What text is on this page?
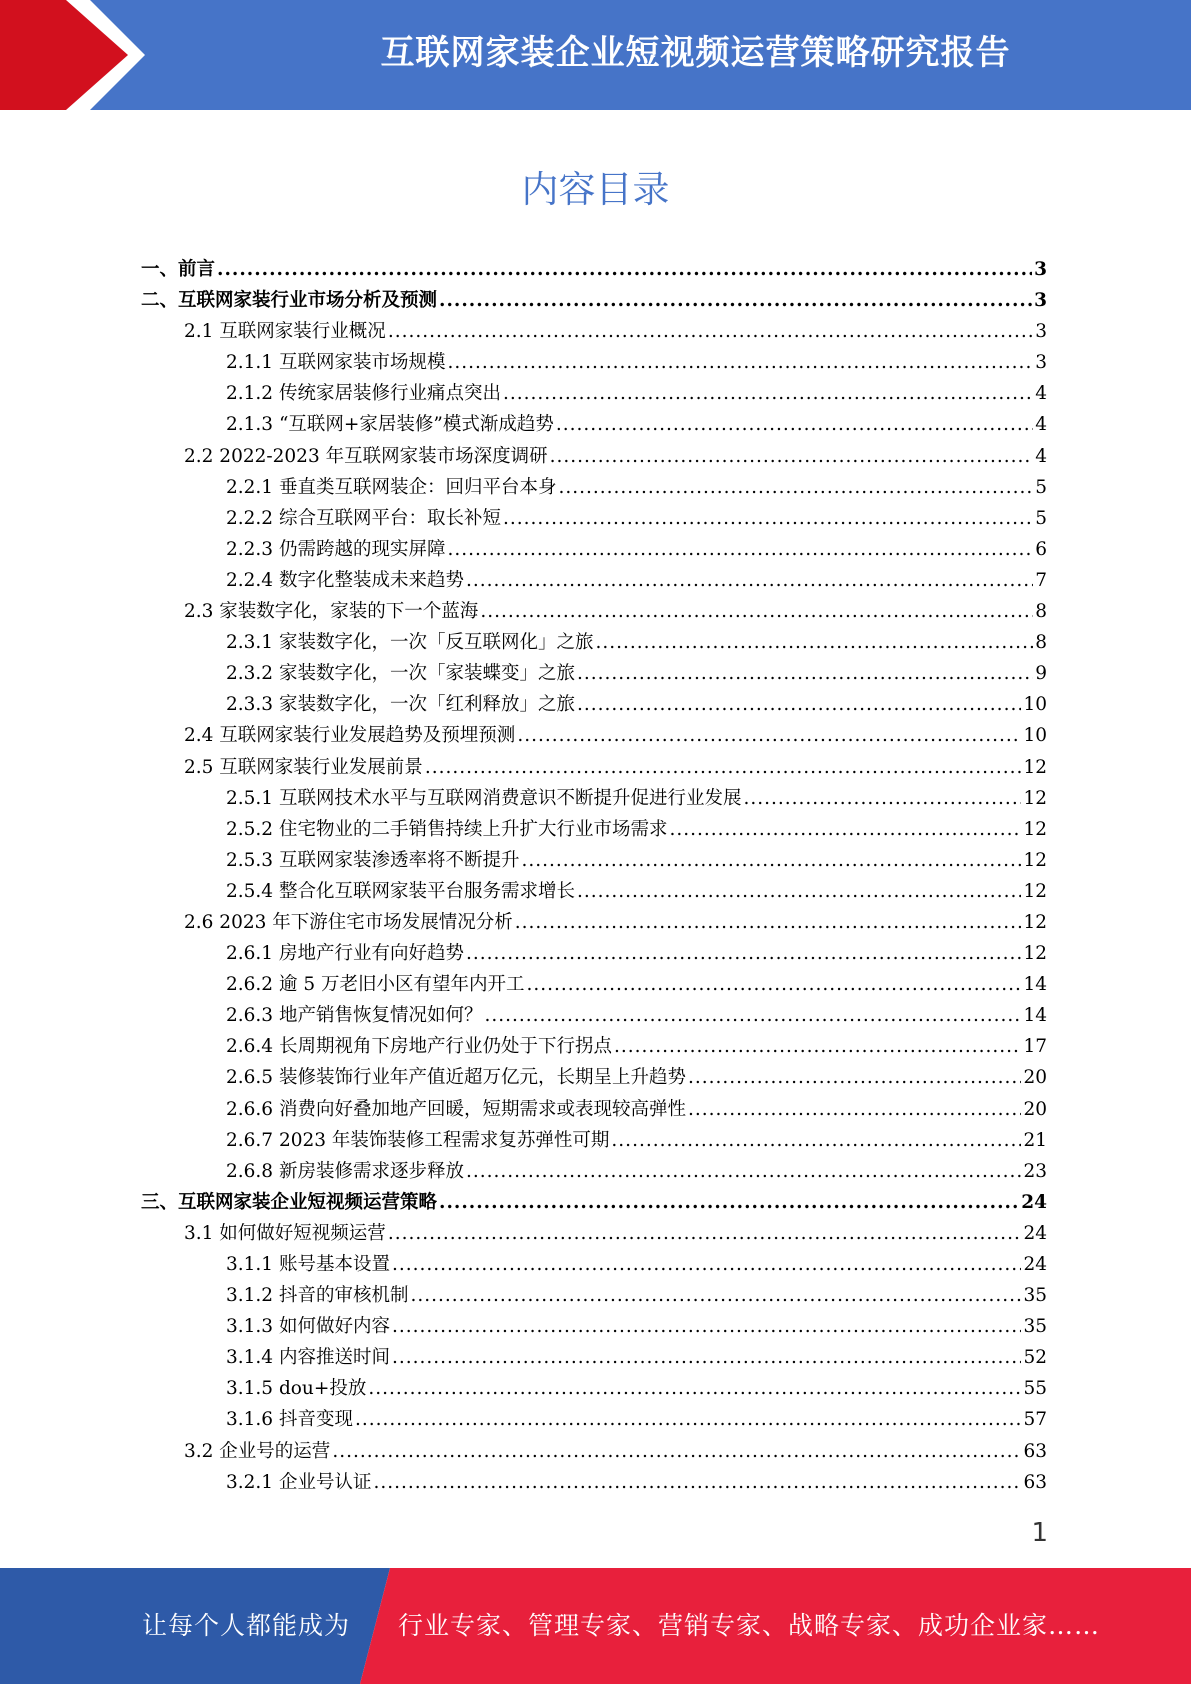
互联网家装企业短视频运营策略研究报告
内容目录
一、前言 .....	3
二、互联网家装行业市场分析及预测 .....	3
2.1 互联网家装行业概况 .....	3
2.1.1 互联网家装市场规模 .....	3
2.1.2 传统家居装修行业痛点突出 .....	4
2.1.3 “互联网+家居装修”模式渐成趋势 .....	4
2.2 2022-2023 年互联网家装市场深度调研 .....	4
2.2.1 垂直类互联网装企：回归平台本身 .....	5
2.2.2 综合互联网平台：取长补短 .....	5
2.2.3 仍需跨越的现实屏障 .....	6
2.2.4 数字化整装成未来趋势 .....	7
2.3 家装数字化，家装的下一个蓝海 .....	8
2.3.1 家装数字化，一次「反互联网化」之旅 .....	8
2.3.2 家装数字化，一次「家装蝶变」之旅 .....	9
2.3.3 家装数字化，一次「红利释放」之旅 .....	10
2.4 互联网家装行业发展趋势及预埋预测 .....	10
2.5 互联网家装行业发展前景 .....	12
2.5.1 互联网技术水平与互联网消费意识不断提升促进行业发展 .....	12
2.5.2 住宅物业的二手销售持续上升扩大行业市场需求 .....	12
2.5.3 互联网家装渗透率将不断提升 .....	12
2.5.4 整合化互联网家装平台服务需求增长 .....	12
2.6 2023 年下游住宅市场发展情况分析 .....	12
2.6.1 房地产行业有向好趋势 .....	12
2.6.2 逾 5 万老旧小区有望年内开工 .....	14
2.6.3 地产销售恢复情况如何？ .....	14
2.6.4 长周期视角下房地产行业仍处于下行拐点 .....	17
2.6.5 装修装饰行业年产值近超万亿元，长期呈上升趋势 .....	20
2.6.6 消费向好叠加地产回暖，短期需求或表现较高弹性 .....	20
2.6.7 2023 年装饰装修工程需求复苏弹性可期 .....	21
2.6.8 新房装修需求逐步释放 .....	23
三、互联网家装企业短视频运营策略 .....	24
3.1 如何做好短视频运营 .....	24
3.1.1 账号基本设置 .....	24
3.1.2 抖音的审核机制 .....	35
3.1.3 如何做好内容 .....	35
3.1.4 内容推送时间 .....	52
3.1.5 dou+投放 .....	55
3.1.6 抖音变现 .....	57
3.2 企业号的运营 .....	63
3.2.1 企业号认证 .....	63
1
让每个人都能成为 行业专家、管理专家、营销专家、战略专家、成功企业家……
